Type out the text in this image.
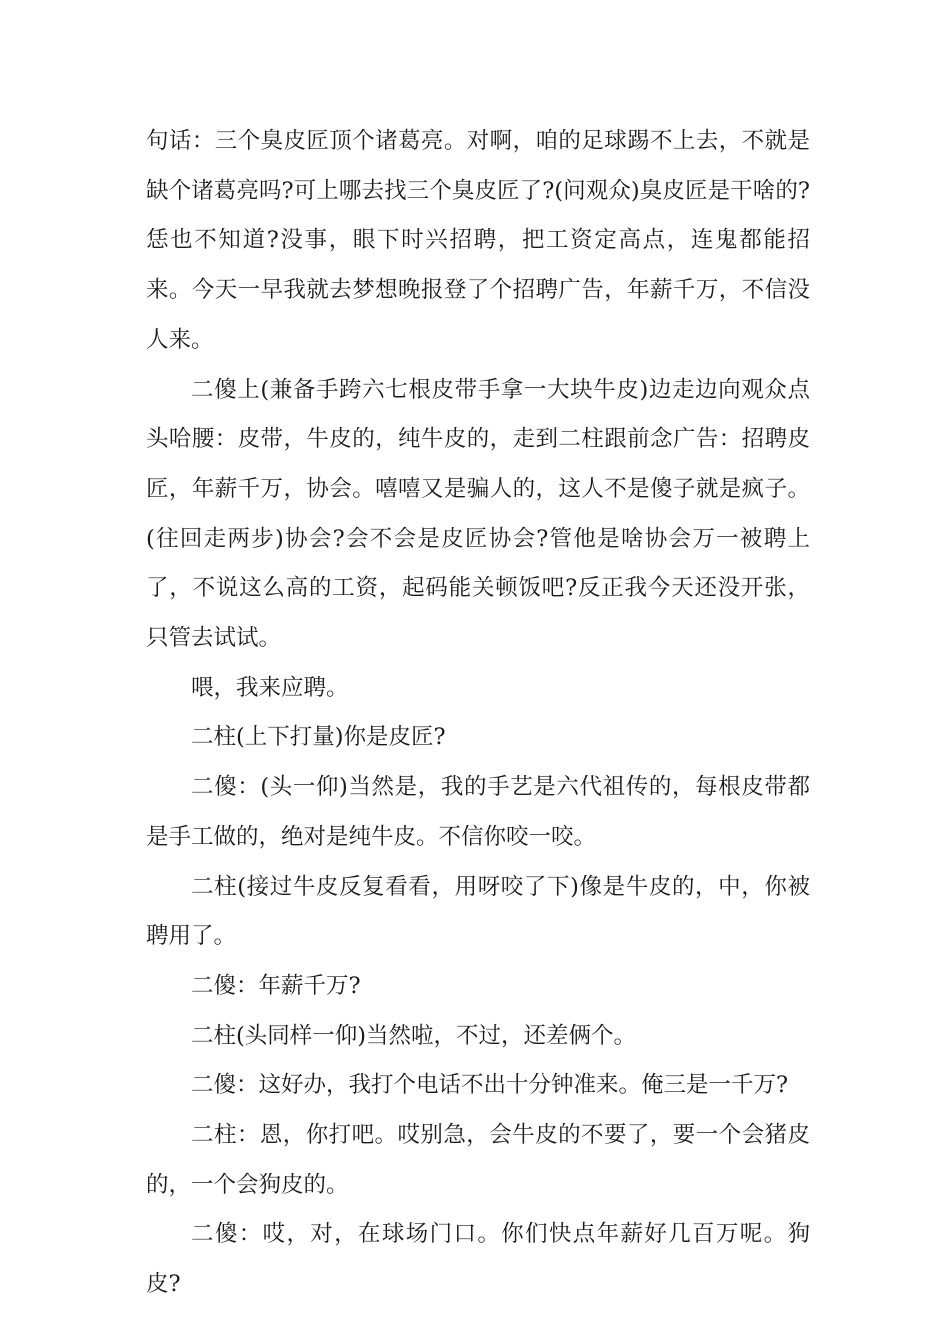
句话：三个臭皮匠顶个诸葛亮。对啊，咱的足球踢不上去，不就是缺个诸葛亮吗?可上哪去找三个臭皮匠了?(问观众)臭皮匠是干啥的?恁也不知道?没事，眼下时兴招聘，把工资定高点，连鬼都能招来。今天一早我就去梦想晚报登了个招聘广告，年薪千万，不信没人来。

二傻上(兼备手跨六七根皮带手拿一大块牛皮)边走边向观众点头哈腰：皮带，牛皮的，纯牛皮的，走到二柱跟前念广告：招聘皮匠，年薪千万，协会。嘻嘻又是骗人的，这人不是傻子就是疯子。(往回走两步)协会?会不会是皮匠协会?管他是啥协会万一被聘上了，不说这么高的工资，起码能关顿饭吧?反正我今天还没开张，只管去试试。

喂，我来应聘。

二柱(上下打量)你是皮匠?

二傻：(头一仰)当然是，我的手艺是六代祖传的，每根皮带都是手工做的，绝对是纯牛皮。不信你咬一咬。

二柱(接过牛皮反复看看，用呀咬了下)像是牛皮的，中，你被聘用了。

二傻：年薪千万?

二柱(头同样一仰)当然啦，不过，还差俩个。

二傻：这好办，我打个电话不出十分钟准来。俺三是一千万?

二柱：恩，你打吧。哎别急，会牛皮的不要了，要一个会猪皮的，一个会狗皮的。

二傻：哎，对，在球场门口。你们快点年薪好几百万呢。狗皮?
